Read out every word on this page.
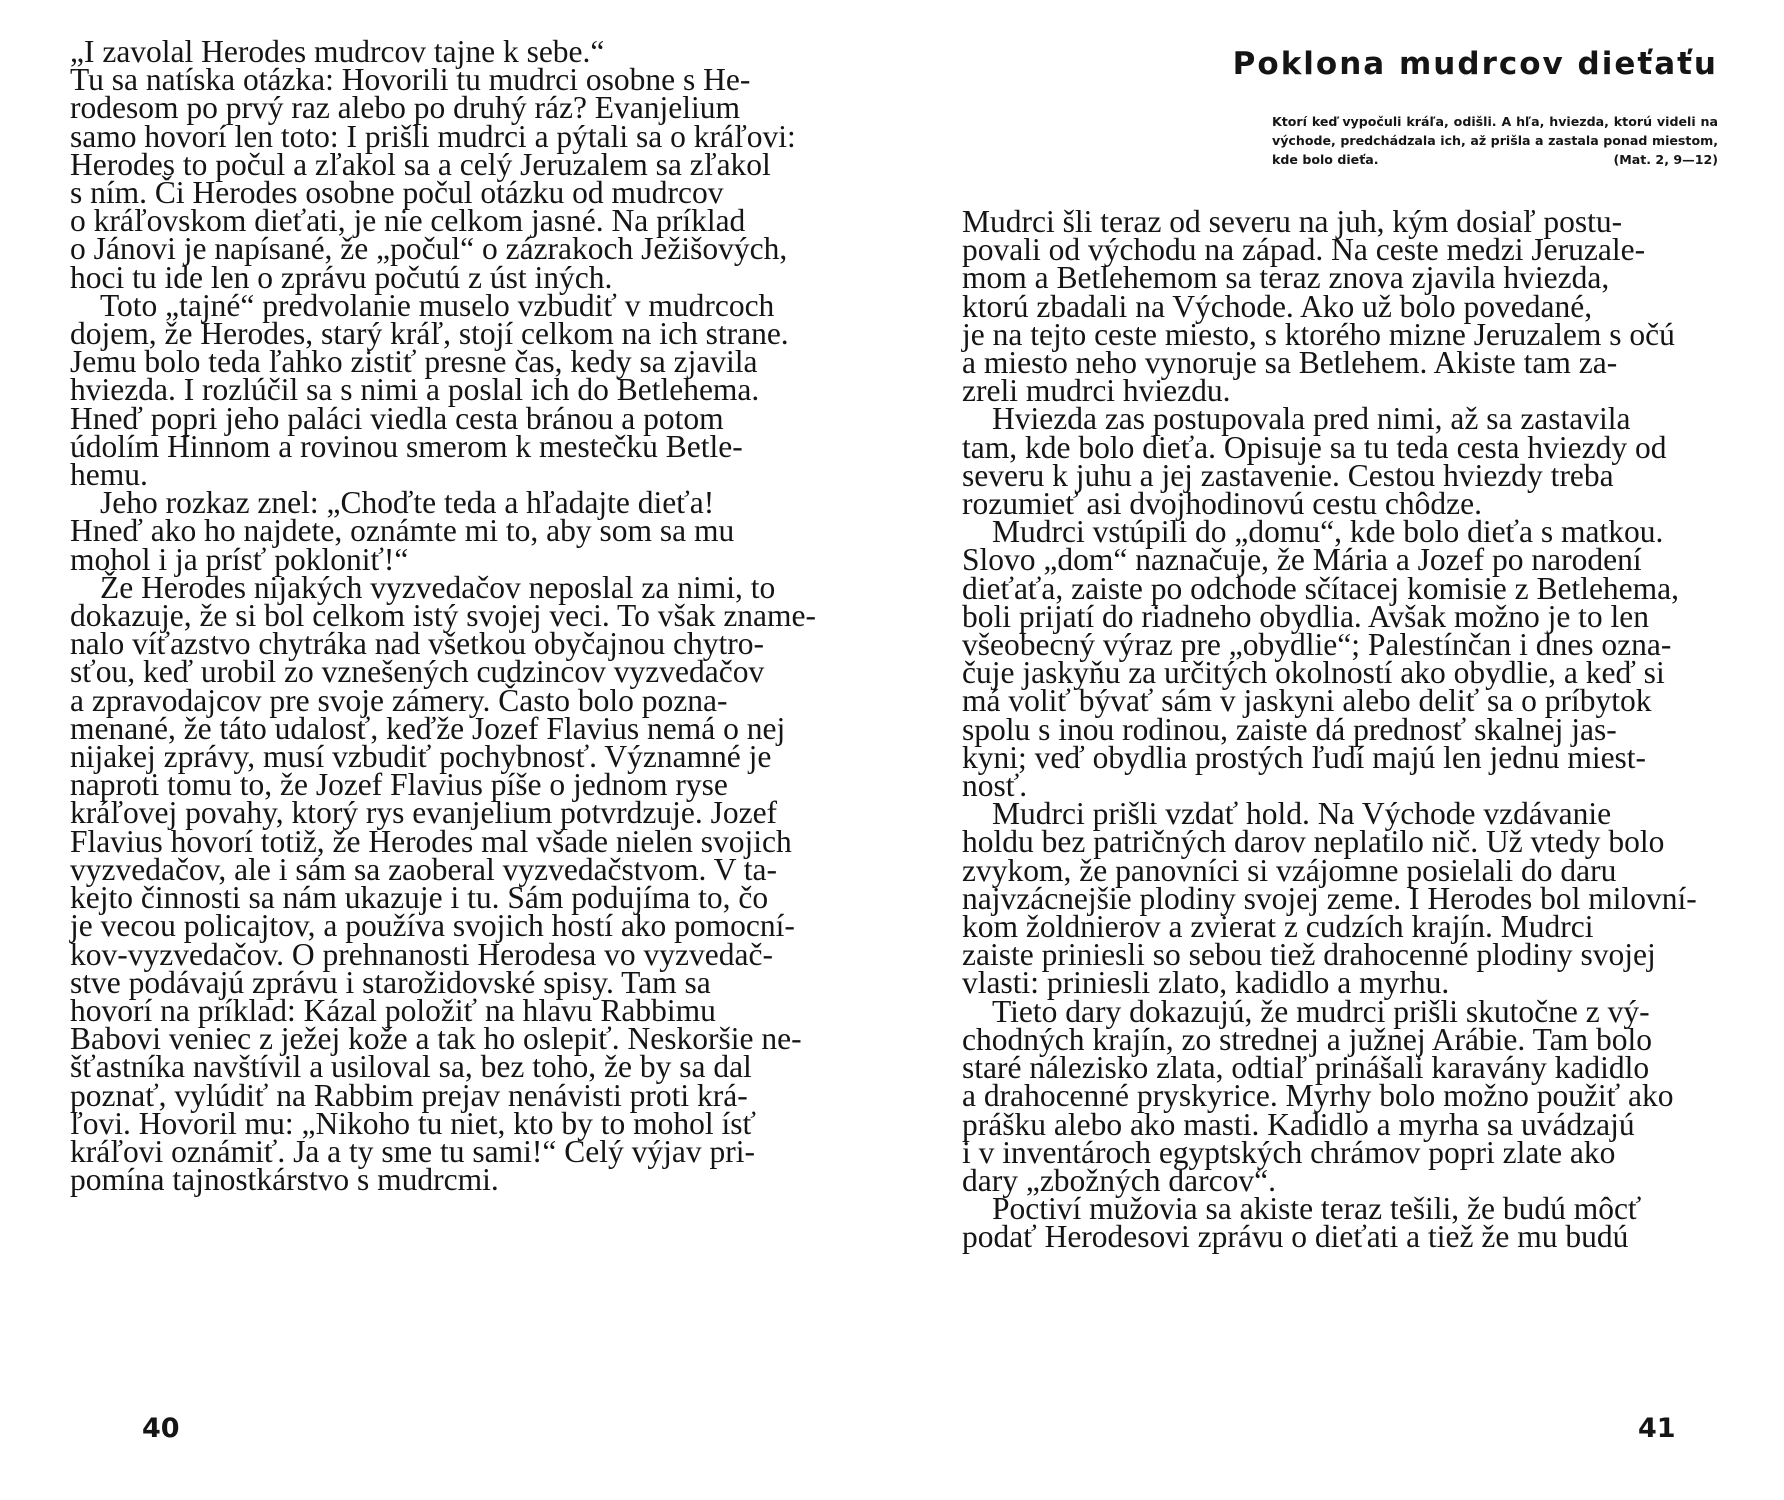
„I zavolal Herodes mudrcov tajne k sebe.“

Tu sa natíska otázka: Hovorili tu mudrci osobne s He-
rodesom po prvý raz alebo po druhý ráz? Evanjelium
samo hovorí len toto: I prišli mudrci a pýtali sa o kráľovi:
Herodes to počul a zľakol sa a celý Jeruzalem sa zľakol
s ním. Či Herodes osobne počul otázku od mudrcov
o kráľovskom dieťati, je nie celkom jasné. Na príklad
o Jánovi je napísané, že „počul“ o zázrakoch Ježišových,
hoci tu ide len o zprávu počutú z úst iných.

Toto „tajné“ predvolanie muselo vzbudiť v mudrcoch
dojem, že Herodes, starý kráľ, stojí celkom na ich strane.
Jemu bolo teda ľahko zistiť presne čas, kedy sa zjavila
hviezda. I rozlúčil sa s nimi a poslal ich do Betlehema.
Hneď popri jeho paláci viedla cesta bránou a potom
údolím Hinnom a rovinou smerom k mestečku Betle-
hemu.

Jeho rozkaz znel: „Choďte teda a hľadajte dieťa!
Hneď ako ho najdete, oznámte mi to, aby som sa mu
mohol i ja prísť pokloniť!“

Že Herodes nijakých vyzvedačov neposlal za nimi, to
dokazuje, že si bol celkom istý svojej veci. To však zname-
nalo víťazstvo chytráka nad všetkou obyčajnou chytro-
sťou, keď urobil zo vznešených cudzincov vyzvedačov
a zpravodajcov pre svoje zámery. Často bolo pozna-
menané, že táto udalosť, keďže Jozef Flavius nemá o nej
nijakej zprávy, musí vzbudiť pochybnosť. Významné je
naproti tomu to, že Jozef Flavius píše o jednom ryse
kráľovej povahy, ktorý rys evanjelium potvrdzuje. Jozef
Flavius hovorí totiž, že Herodes mal všade nielen svojich
vyzvedačov, ale i sám sa zaoberal vyzvedačstvom. V ta-
kejto činnosti sa nám ukazuje i tu. Sám podujíma to, čo
je vecou policajtov, a používa svojich hostí ako pomocní-
kov-vyzvedačov. O prehnanosti Herodesa vo vyzvedač-
stve podávajú zprávu i starožidovské spisy. Tam sa
hovorí na príklad: Kázal položiť na hlavu Rabbimu
Babovi veniec z ježej kože a tak ho oslepiť. Neskoršie ne-
šťastníka navštívil a usiloval sa, bez toho, že by sa dal
poznať, vylúdiť na Rabbim prejav nenávisti proti krá-
ľovi. Hovoril mu: „Nikoho tu niet, kto by to mohol ísť
kráľovi oznámiť. Ja a ty sme tu sami!“ Celý výjav pri-
pomína tajnostkárstvo s mudrcmi.

40
Poklona mudrcov dieťaťu
Ktorí keď vypočuli kráľa, odišli. A hľa, hviezda, ktorú videli na východe, predchádzala ich, až prišla a zastala ponad miestom, kde bolo dieťa.	(Mat. 2, 9—12)

Mudrci šli teraz od severu na juh, kým dosiaľ postu-
povali od východu na západ. Na ceste medzi Jeruzale-
mom a Betlehemom sa teraz znova zjavila hviezda,
ktorú zbadali na Východe. Ako už bolo povedané,
je na tejto ceste miesto, s ktorého mizne Jeruzalem s očú
a miesto neho vynoruje sa Betlehem. Akiste tam za-
zreli mudrci hviezdu.

Hviezda zas postupovala pred nimi, až sa zastavila
tam, kde bolo dieťa. Opisuje sa tu teda cesta hviezdy od
severu k juhu a jej zastavenie. Cestou hviezdy treba
rozumieť asi dvojhodinovú cestu chôdze.

Mudrci vstúpili do „domu“, kde bolo dieťa s matkou.
Slovo „dom“ naznačuje, že Mária a Jozef po narodení
dieťaťa, zaiste po odchode sčítacej komisie z Betlehema,
boli prijatí do riadneho obydlia. Avšak možno je to len
všeobecný výraz pre „obydlie“; Palestínčan i dnes ozna-
čuje jaskyňu za určitých okolností ako obydlie, a keď si
má voliť bývať sám v jaskyni alebo deliť sa o príbytok
spolu s inou rodinou, zaiste dá prednosť skalnej jas-
kyni; veď obydlia prostých ľudí majú len jednu miest-
nosť.

Mudrci prišli vzdať hold. Na Východe vzdávanie
holdu bez patričných darov neplatilo nič. Už vtedy bolo
zvykom, že panovníci si vzájomne posielali do daru
najvzácnejšie plodiny svojej zeme. I Herodes bol milovní-
kom žoldnierov a zvierat z cudzích krajín. Mudrci
zaiste priniesli so sebou tiež drahocenné plodiny svojej
vlasti: priniesli zlato, kadidlo a myrhu.

Tieto dary dokazujú, že mudrci prišli skutočne z vý-
chodných krajín, zo strednej a južnej Arábie. Tam bolo
staré nálezisko zlata, odtiaľ prinášali karavány kadidlo
a drahocenné pryskyrice. Myrhy bolo možno použiť ako
prášku alebo ako masti. Kadidlo a myrha sa uvádzajú
i v inventároch egyptských chrámov popri zlate ako
dary „zbožných darcov“.

Poctiví mužovia sa akiste teraz tešili, že budú môcť
podať Herodesovi zprávu o dieťati a tiež že mu budú

41
